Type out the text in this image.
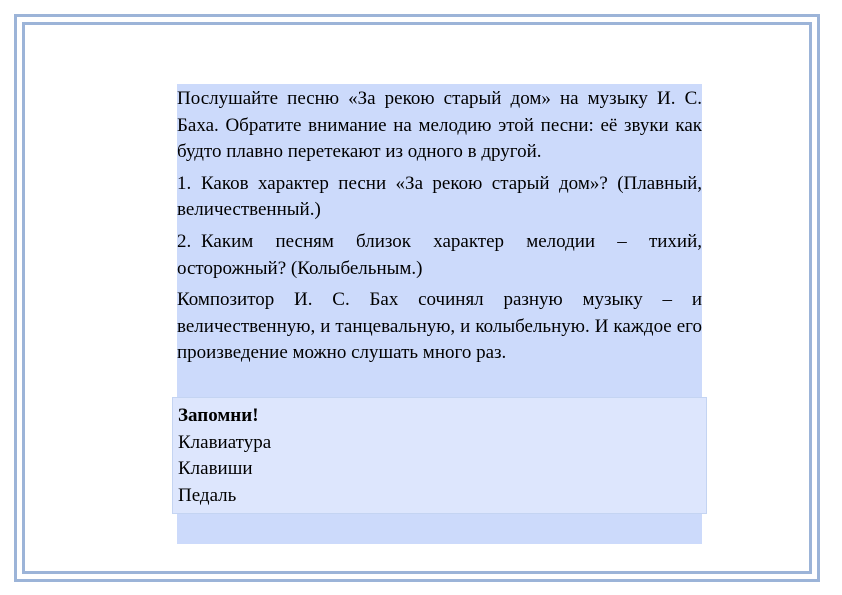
Послушайте песню «За рекою старый дом» на музыку И. С. Баха. Обратите внимание на мелодию этой песни: её звуки как будто плавно перетекают из одного в другой.

1. Каков характер песни «За рекою старый дом»? (Плавный, величественный.)

2. Каким песням близок характер мелодии – тихий, осторожный? (Колыбельным.)

Композитор И. С. Бах сочинял разную музыку – и величественную, и танцевальную, и колыбельную. И каждое его произведение можно слушать много раз.

Запомни!
Клавиатура
Клавиши
Педаль
